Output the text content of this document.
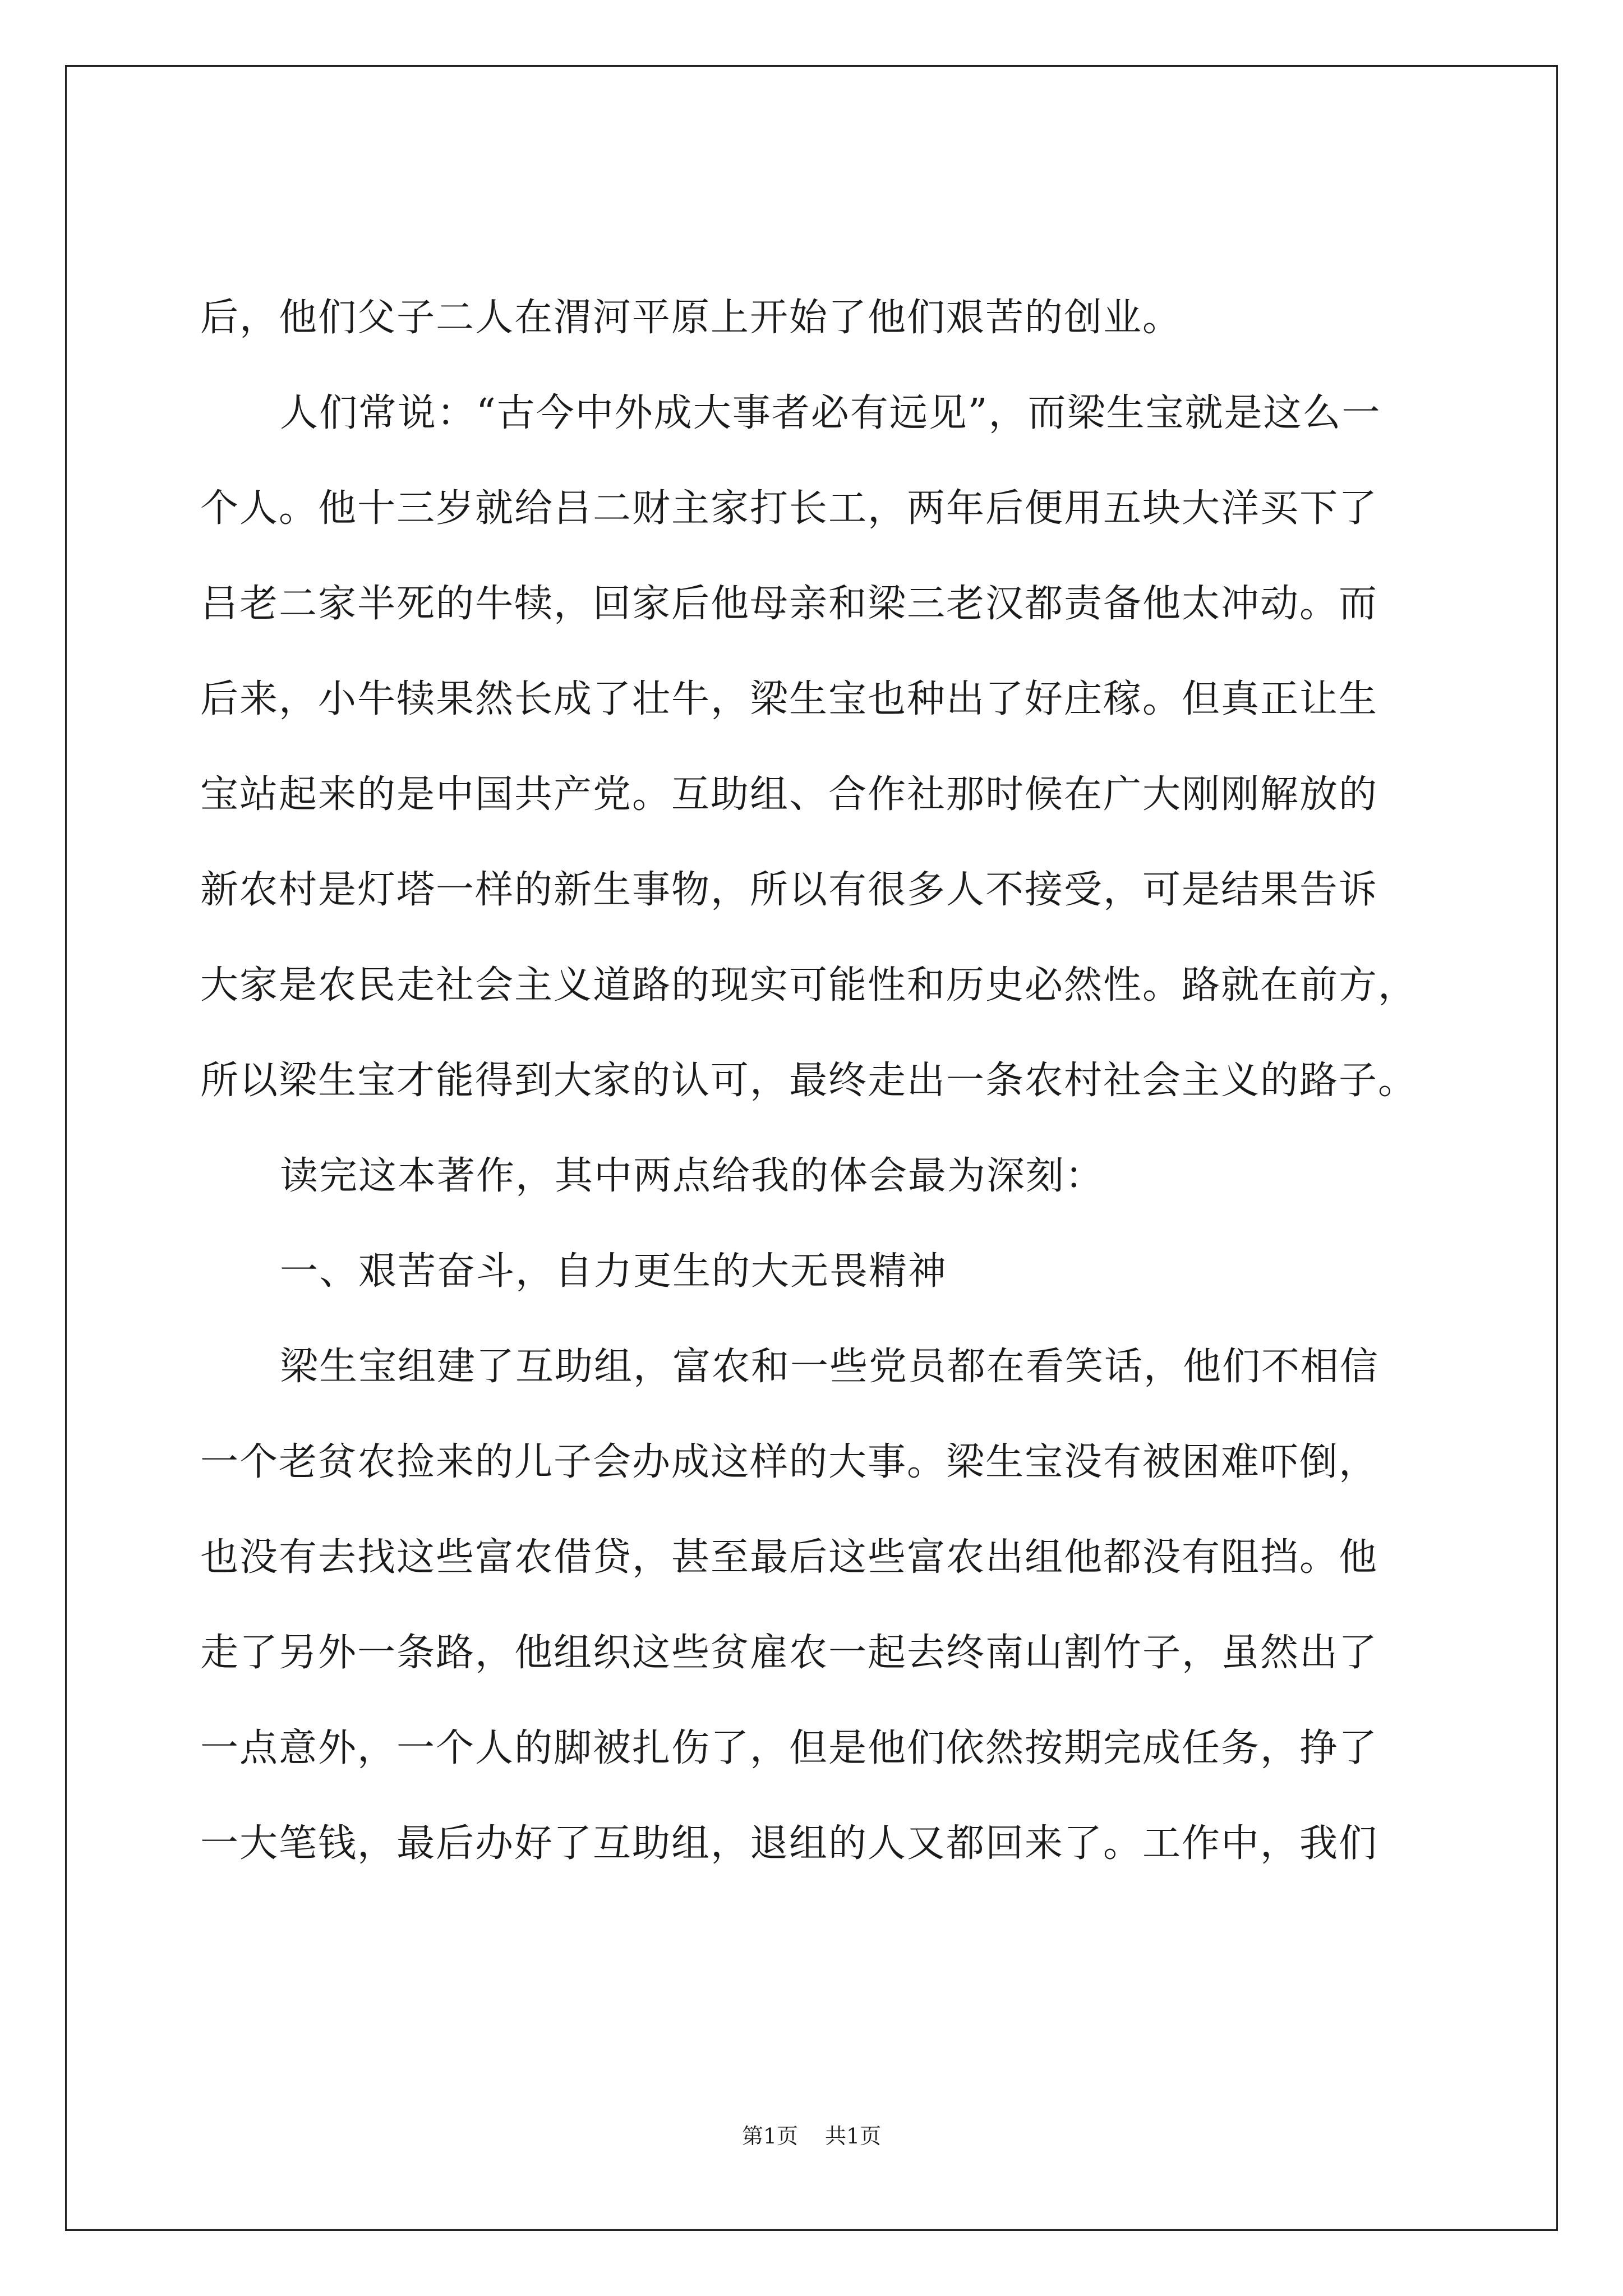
后，他们父子二人在渭河平原上开始了他们艰苦的创业。
人们常说：“古今中外成大事者必有远见”，而梁生宝就是这么一
个人。他十三岁就给吕二财主家打长工，两年后便用五块大洋买下了
吕老二家半死的牛犊，回家后他母亲和梁三老汉都责备他太冲动。而
后来，小牛犊果然长成了壮牛，梁生宝也种出了好庄稼。但真正让生
宝站起来的是中国共产党。互助组、合作社那时候在广大刚刚解放的
新农村是灯塔一样的新生事物，所以有很多人不接受，可是结果告诉
大家是农民走社会主义道路的现实可能性和历史必然性。路就在前方，
所以梁生宝才能得到大家的认可，最终走出一条农村社会主义的路子。
读完这本著作，其中两点给我的体会最为深刻：
一、艰苦奋斗，自力更生的大无畏精神
梁生宝组建了互助组，富农和一些党员都在看笑话，他们不相信
一个老贫农捡来的儿子会办成这样的大事。梁生宝没有被困难吓倒，
也没有去找这些富农借贷，甚至最后这些富农出组他都没有阻挡。他
走了另外一条路，他组织这些贫雇农一起去终南山割竹子，虽然出了
一点意外，一个人的脚被扎伤了，但是他们依然按期完成任务，挣了
一大笔钱，最后办好了互助组，退组的人又都回来了。工作中，我们
第1页 共1页
